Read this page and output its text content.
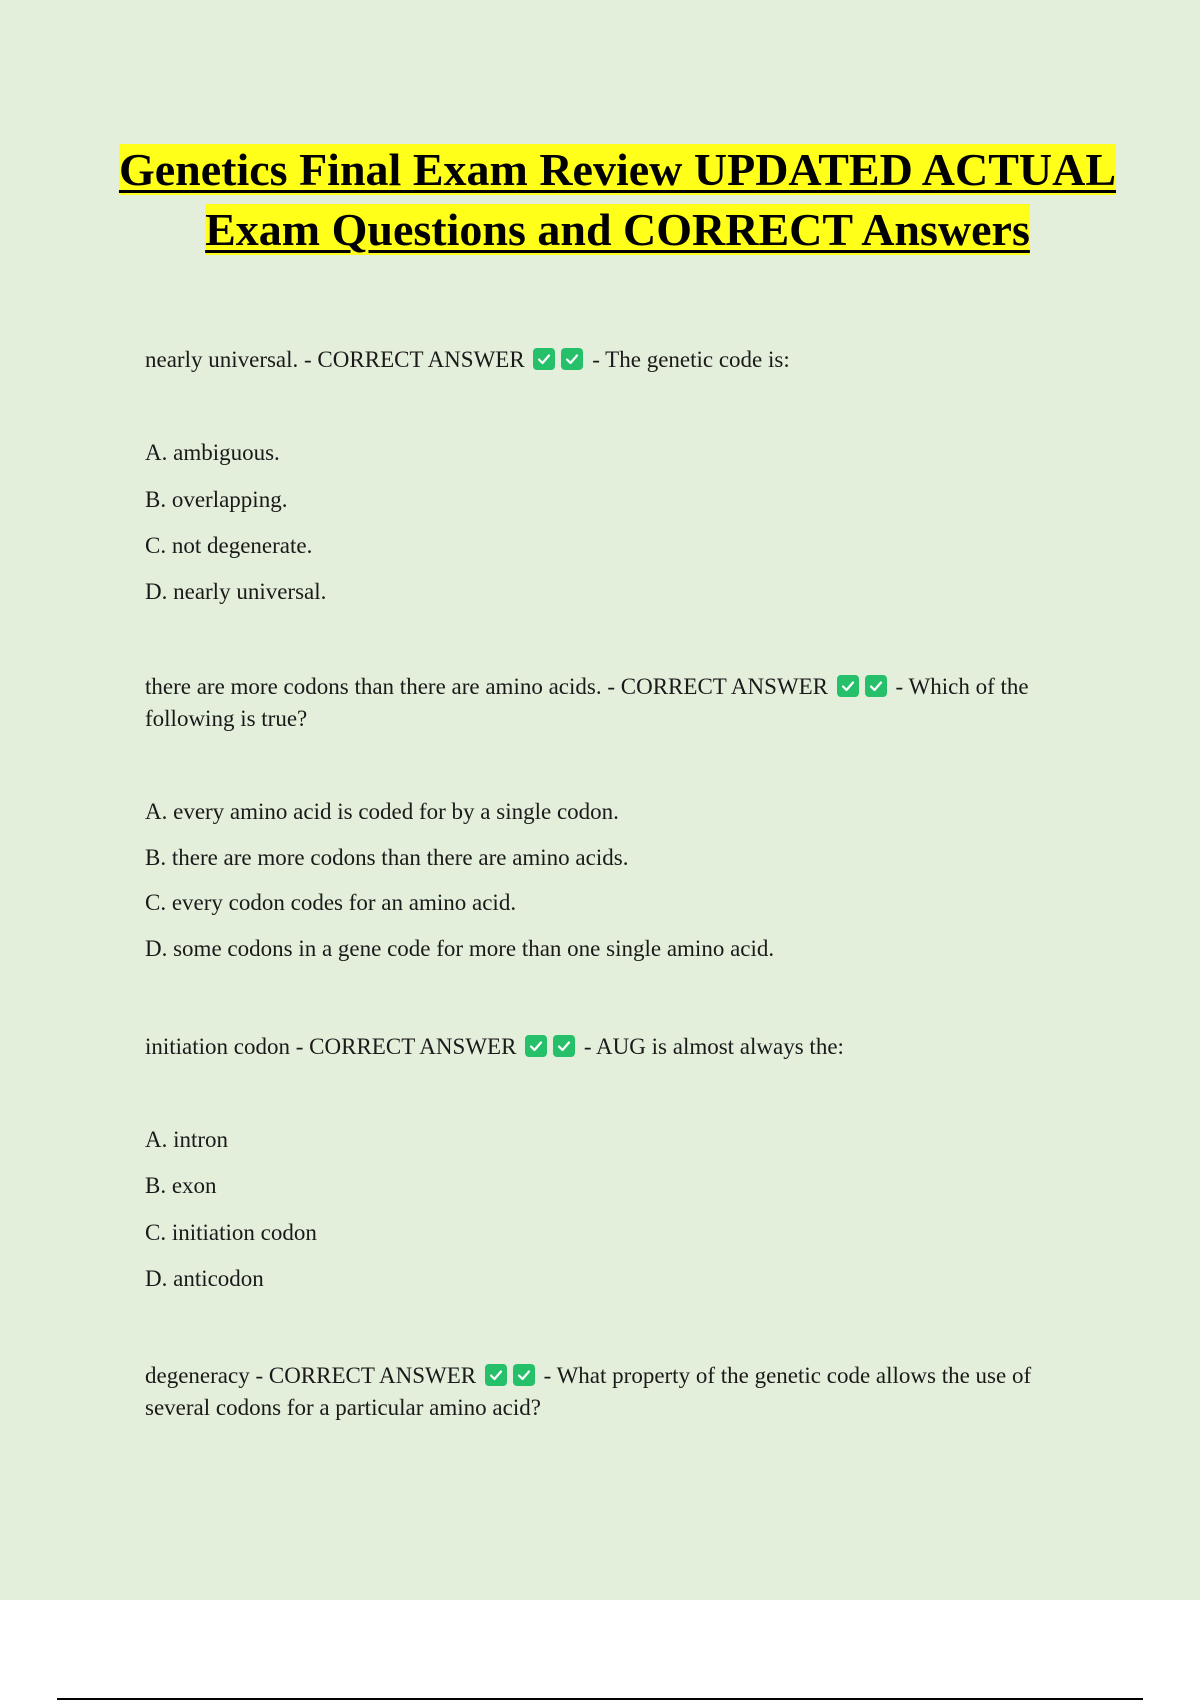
Genetics Final Exam Review UPDATED ACTUAL Exam Questions and CORRECT Answers

nearly universal. - CORRECT ANSWER	- The genetic code is:

A. ambiguous.

B. overlapping.

C. not degenerate.

D. nearly universal.

there are more codons than there are amino acids. - CORRECT ANSWER	- Which of the following is true?

A. every amino acid is coded for by a single codon.

B. there are more codons than there are amino acids.

C. every codon codes for an amino acid.

D. some codons in a gene code for more than one single amino acid.

initiation codon - CORRECT ANSWER	- AUG is almost always the:

A. intron

B. exon

C. initiation codon

D. anticodon

degeneracy - CORRECT ANSWER	- What property of the genetic code allows the use of several codons for a particular amino acid?
